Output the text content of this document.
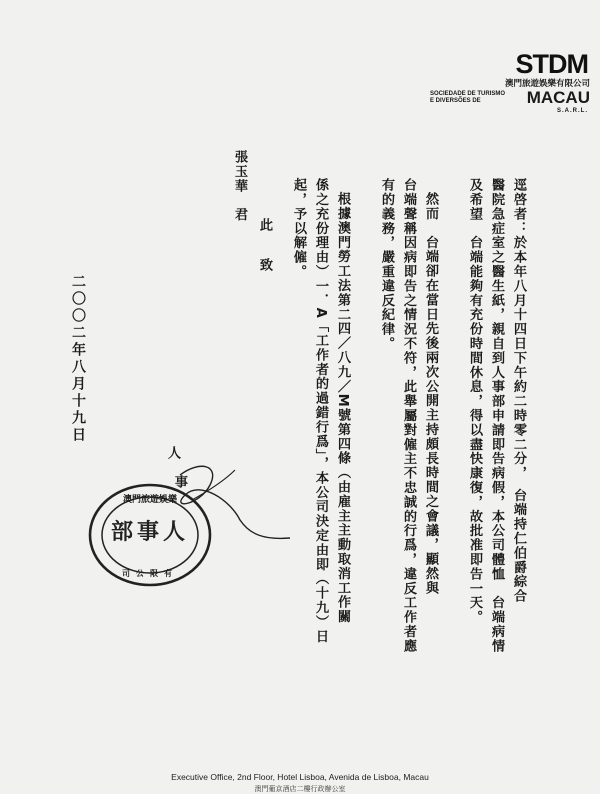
STDM
澳門旅遊娛樂有限公司
SOCIEDADE DE TURISMO
E DIVERSÕES DE	MACAU
S.A.R.L.
逕啓者：於本年八月十四日下午約二時零二分，　台端持仁伯爵綜合
醫院急症室之醫生紙，親自到人事部申請即告病假，本公司體恤　台端病情
及希望　台端能夠有充份時間休息，得以盡快康復，故批准即告一天。
然而　台端卻在當日先後兩次公開主持頗長時間之會議，顯然與
台端聲稱因病即告之情況不符，此舉屬對僱主不忠誠的行爲，違反工作者應
有的義務，嚴重違反紀律。
根據澳門勞工法第二四／八九／M號第四條（由雇主主動取消工作關
係之充份理由）一．A「工作者的過錯行爲」，本公司決定由即（十九）日
起，予以解僱。
此
致
張玉華　君
二〇〇二年八月十九日
人
事
部事人
澳門旅遊娛樂
司公限有
Executive Office, 2nd Floor, Hotel Lisboa, Avenida de Lisboa, Macau
澳門葡京酒店二樓行政辦公室
